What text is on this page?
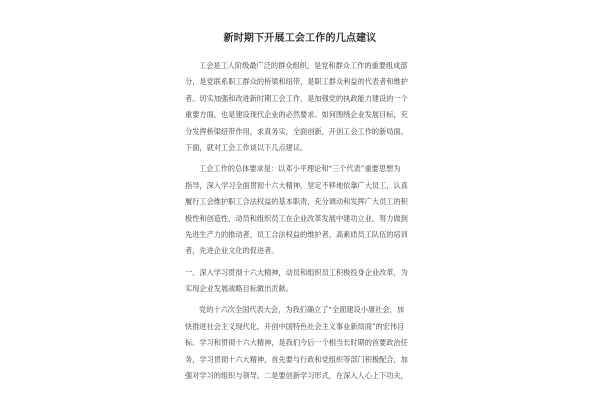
新时期下开展工会工作的几点建议
工会是工人阶级最广泛的群众组织，是党和群众工作的重要组成部
分，是党联系职工群众的桥梁和纽带，是职工群众利益的代表者和维护
者。切实加强和改进新时期工会工作，是加强党的执政能力建设的一个
重要方面，也是建设现代企业的必然要求。如何围绕企业发展目标，充
分发挥桥梁纽带作用，求真务实，全面创新，开创工会工作的新局面。
下面，就对工会工作谈以下几点建议。
工会工作的总体要求是：以邓小平理论和“三个代表”重要思想为
指导，深入学习全面贯彻十六大精神，坚定不移地依靠广大员工，认真
履行工会维护职工合法权益的基本职责，充分调动和发挥广大员工的积
极性和创造性，动员和组织员工在企业改革发展中建功立业。努力做到
先进生产力的推动者，员工合法权益的维护者，高素质员工队伍的培训
者，先进企业文化的促进者。
一、深入学习贯彻十六大精神，动员和组织员工积极投身企业改革，为
实现企业发展战略目标做出贡献。
党的十六次全国代表大会，为我们确立了“全面建设小康社会，加
快推进社会主义现代化，开创中国特色社会主义事业新局面”的宏伟目
标。学习和贯彻十六大精神，是我们今后一个相当长时期的首要政治任
务，学习贯彻十六大精神，首先要与行政和党组织等部门积极配合，加
强对学习的组织与领导。二是要创新学习形式，在深入人心上下功夫，
